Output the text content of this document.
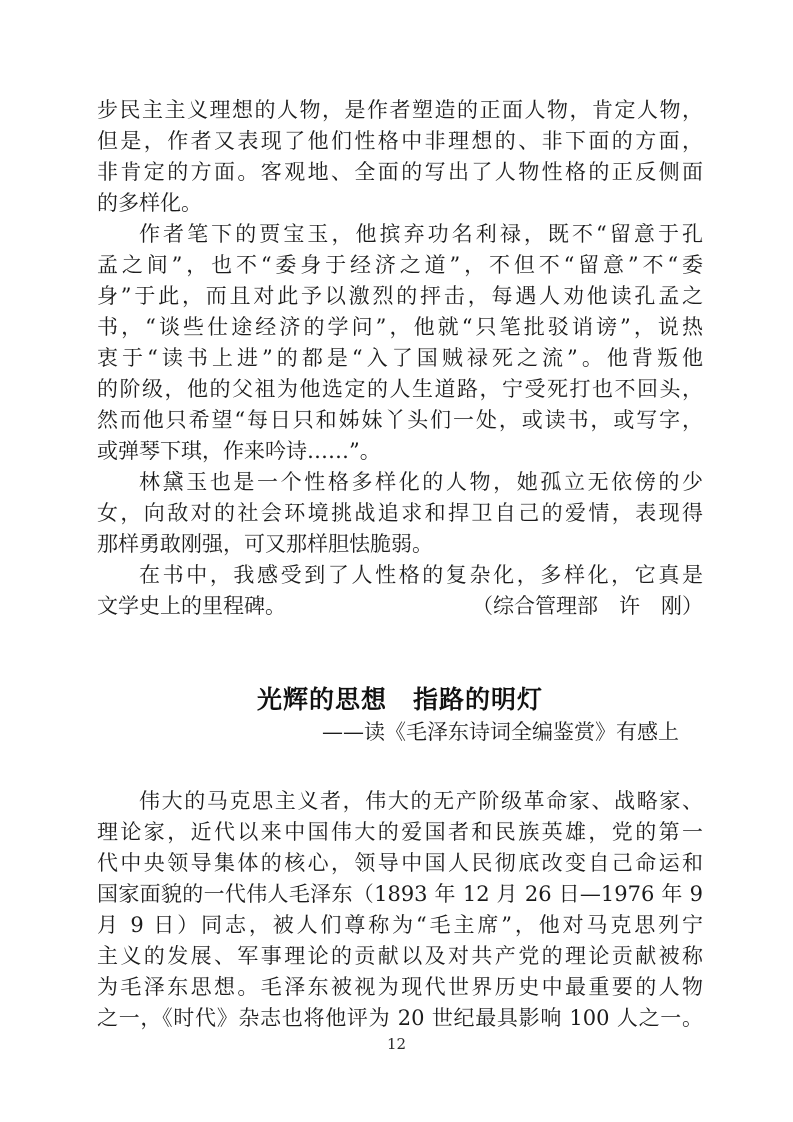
步民主主义理想的人物，是作者塑造的正面人物，肯定人物，
但是，作者又表现了他们性格中非理想的、非下面的方面，
非肯定的方面。客观地、全面的写出了人物性格的正反侧面
的多样化。
作者笔下的贾宝玉，他摈弃功名利禄，既不“留意于孔
孟之间”，也不“委身于经济之道”，不但不“留意”不“委
身”于此，而且对此予以激烈的抨击，每遇人劝他读孔孟之
书，“谈些仕途经济的学问”，他就“只笔批驳诮谤”，说热
衷于“读书上进”的都是“入了国贼禄死之流”。他背叛他
的阶级，他的父祖为他选定的人生道路，宁受死打也不回头，
然而他只希望“每日只和姊妹丫头们一处，或读书，或写字，
或弹琴下琪，作来吟诗……”。
林黛玉也是一个性格多样化的人物，她孤立无依傍的少
女，向敌对的社会环境挑战追求和捍卫自己的爱情，表现得
那样勇敢刚强，可又那样胆怯脆弱。
在书中，我感受到了人性格的复杂化，多样化，它真是
文学史上的里程碑。	（综合管理部　许　刚）
光辉的思想　指路的明灯
——读《毛泽东诗词全编鉴赏》有感上
伟大的马克思主义者，伟大的无产阶级革命家、战略家、
理论家，近代以来中国伟大的爱国者和民族英雄，党的第一
代中央领导集体的核心，领导中国人民彻底改变自己命运和
国家面貌的一代伟人毛泽东（1893 年 12 月 26 日—1976 年 9
月 9 日）同志，被人们尊称为“毛主席”，他对马克思列宁
主义的发展、军事理论的贡献以及对共产党的理论贡献被称
为毛泽东思想。毛泽东被视为现代世界历史中最重要的人物
之一，《时代》杂志也将他评为 20 世纪最具影响 100 人之一。
12
